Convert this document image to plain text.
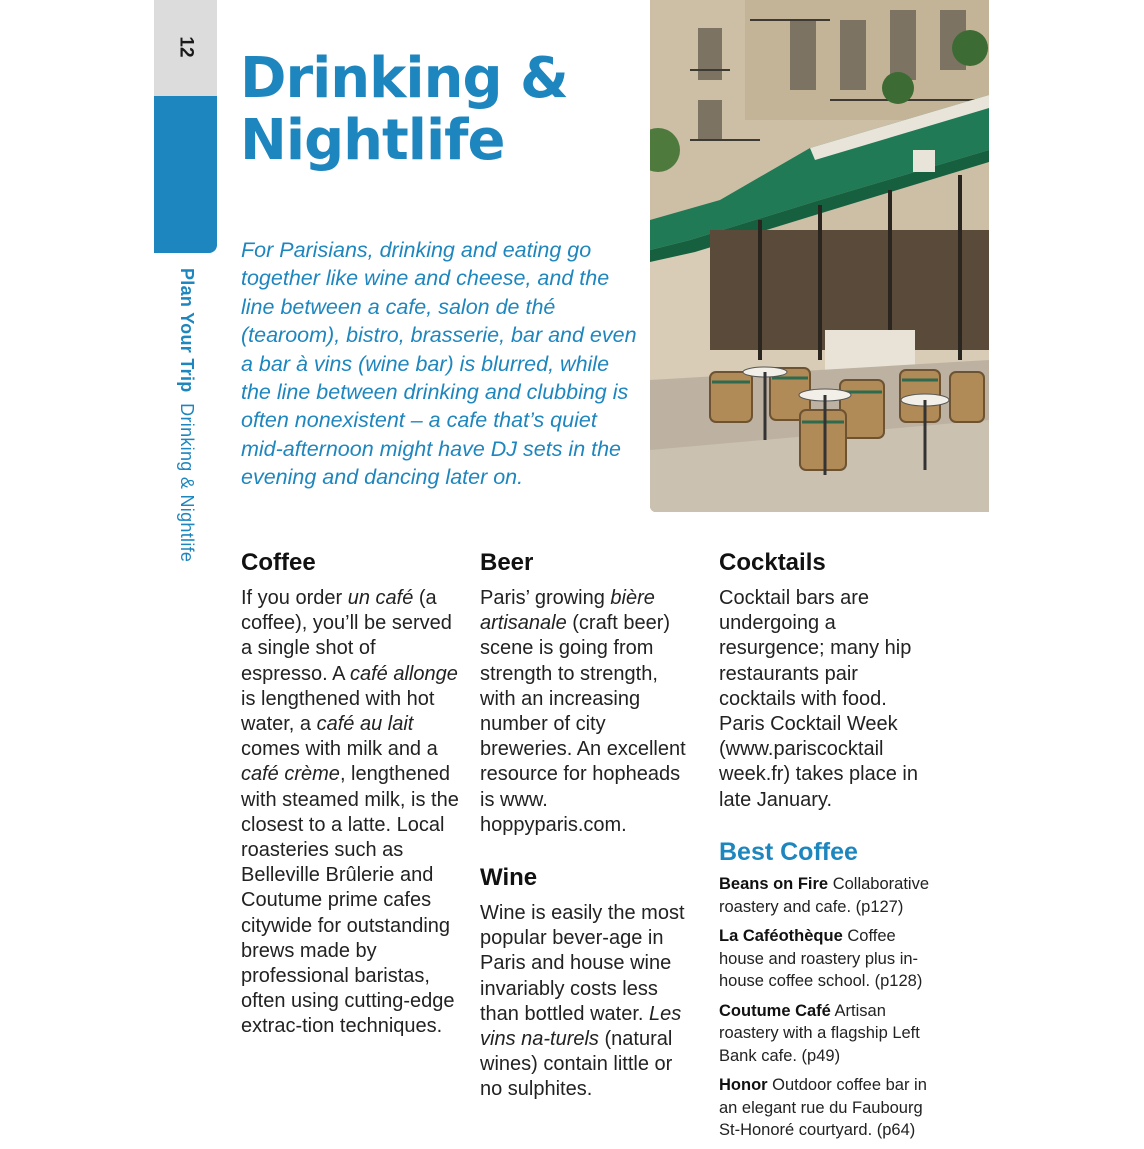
12
Plan Your Trip  Drinking & Nightlife
Drinking &
Nightlife

For Parisians, drinking and eating go together like wine and cheese, and the line between a cafe, salon de thé (tearoom), bistro, brasserie, bar and even a bar à vins (wine bar) is blurred, while the line between drinking and clubbing is often nonexistent – a cafe that’s quiet mid-afternoon might have DJ sets in the evening and dancing later on.

Coffee

If you order un café (a coffee), you’ll be served a single shot of espresso. A café allonge is lengthened with hot water, a café au lait comes with milk and a café crème, lengthened with steamed milk, is the closest to a latte. Local roasteries such as Belleville Brûlerie and Coutume prime cafes citywide for outstanding brews made by professional baristas, often using cutting-edge extrac-tion techniques.

Beer

Paris’ growing bière artisanale (craft beer) scene is going from strength to strength, with an increasing number of city breweries. An excellent resource for hopheads is www. hoppyparis.com.

Wine

Wine is easily the most popular bever-age in Paris and house wine invariably costs less than bottled water. Les vins na-turels (natural wines) contain little or no sulphites.

Cocktails

Cocktail bars are undergoing a resurgence; many hip restaurants pair cocktails with food. Paris Cocktail Week (www.pariscocktail week.fr) takes place in late January.

Best Coffee
Beans on Fire Collaborative roastery and cafe. (p127)
La Caféothèque Coffee house and roastery plus in-house coffee school. (p128)
Coutume Café Artisan roastery with a flagship Left Bank cafe. (p49)
Honor Outdoor coffee bar in an elegant rue du Faubourg St-Honoré courtyard. (p64)
